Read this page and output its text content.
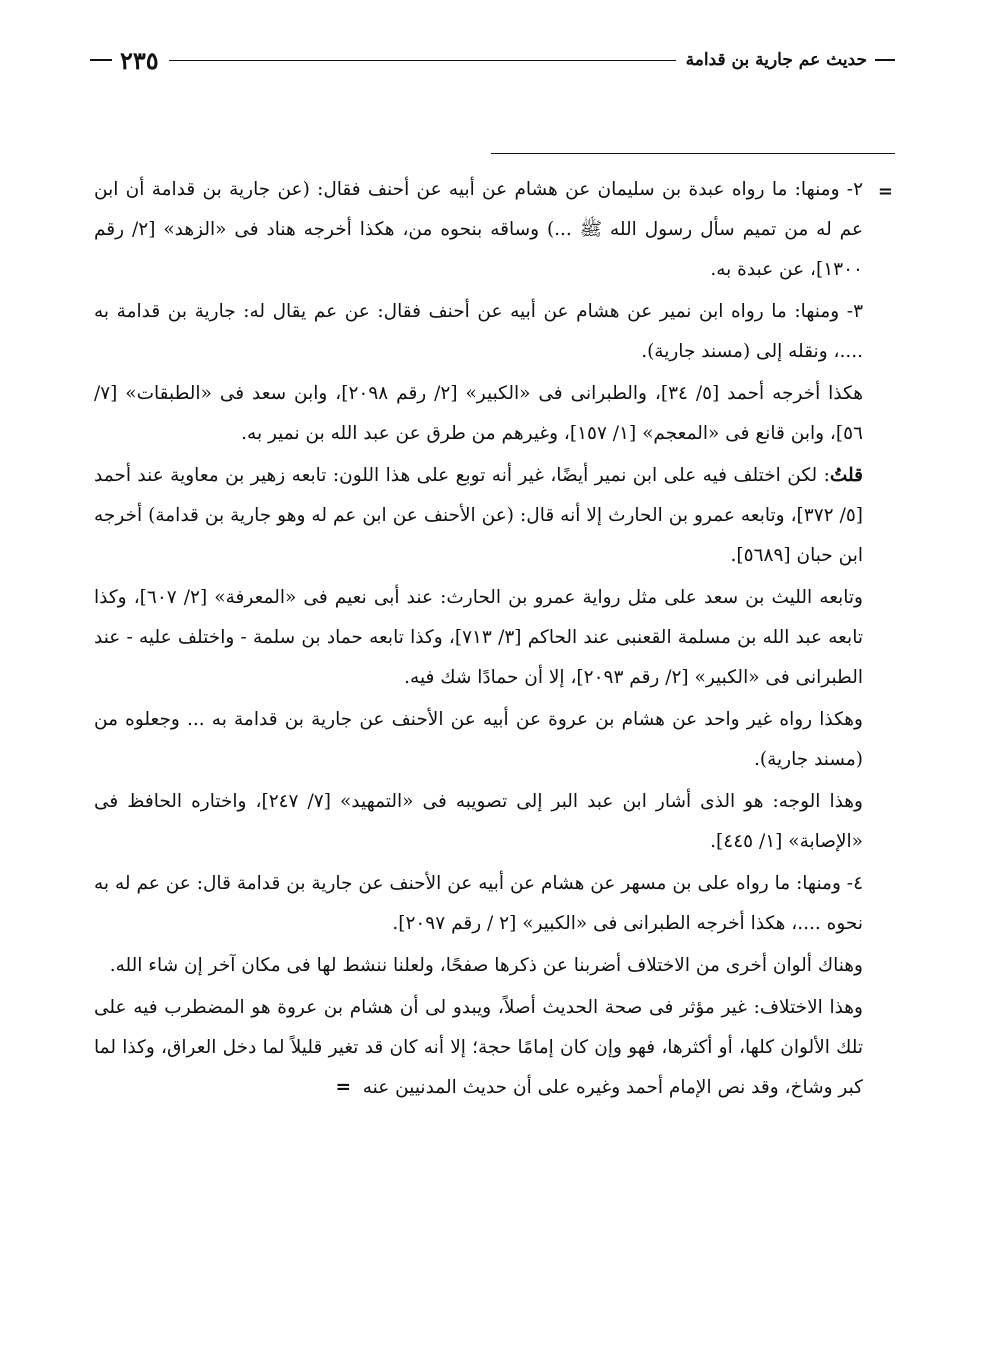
حديث عم جارية بن قدامة
٢٣٥
=

٢- ومنها: ما رواه عبدة بن سليمان عن هشام عن أبيه عن أحنف فقال: (عن جارية بن قدامة أن ابن عم له من تميم سأل رسول الله ﷺ ...) وساقه بنحوه من، هكذا أخرجه هناد فى «الزهد» [٢/ رقم ١٣٠٠]، عن عبدة به.

٣- ومنها: ما رواه ابن نمير عن هشام عن أبيه عن أحنف فقال: عن عم يقال له: جارية بن قدامة به ....، ونقله إلى (مسند جارية).

هكذا أخرجه أحمد [٥/ ٣٤]، والطبرانى فى «الكبير» [٢/ رقم ٢٠٩٨]، وابن سعد فى «الطبقات» [٧/ ٥٦]، وابن قانع فى «المعجم» [١/ ١٥٧]، وغيرهم من طرق عن عبد الله بن نمير به.

قلتُ: لكن اختلف فيه على ابن نمير أيضًا، غير أنه توبع على هذا اللون: تابعه زهير بن معاوية عند أحمد [٥/ ٣٧٢]، وتابعه عمرو بن الحارث إلا أنه قال: (عن الأحنف عن ابن عم له وهو جارية بن قدامة) أخرجه ابن حبان [٥٦٨٩].

وتابعه الليث بن سعد على مثل رواية عمرو بن الحارث: عند أبى نعيم فى «المعرفة» [٢/ ٦٠٧]، وكذا تابعه عبد الله بن مسلمة القعنبى عند الحاكم [٣/ ٧١٣]، وكذا تابعه حماد بن سلمة - واختلف عليه - عند الطبرانى فى «الكبير» [٢/ رقم ٢٠٩٣]، إلا أن حمادًا شك فيه.

وهكذا رواه غير واحد عن هشام بن عروة عن أبيه عن الأحنف عن جارية بن قدامة به ... وجعلوه من (مسند جارية).

وهذا الوجه: هو الذى أشار ابن عبد البر إلى تصويبه فى «التمهيد» [٧/ ٢٤٧]، واختاره الحافظ فى «الإصابة» [١/ ٤٤٥].

٤- ومنها: ما رواه على بن مسهر عن هشام عن أبيه عن الأحنف عن جارية بن قدامة قال: عن عم له به نحوه ....، هكذا أخرجه الطبرانى فى «الكبير» [٢ / رقم ٢٠٩٧].

وهناك ألوان أخرى من الاختلاف أضربنا عن ذكرها صفحًا، ولعلنا ننشط لها فى مكان آخر إن شاء الله.

وهذا الاختلاف: غير مؤثر فى صحة الحديث أصلاً، ويبدو لى أن هشام بن عروة هو المضطرب فيه على تلك الألوان كلها، أو أكثرها، فهو وإن كان إمامًا حجة؛ إلا أنه كان قد تغير قليلاً لما دخل العراق، وكذا لما كبر وشاخ، وقد نص الإمام أحمد وغيره على أن حديث المدنيين عنه  =
